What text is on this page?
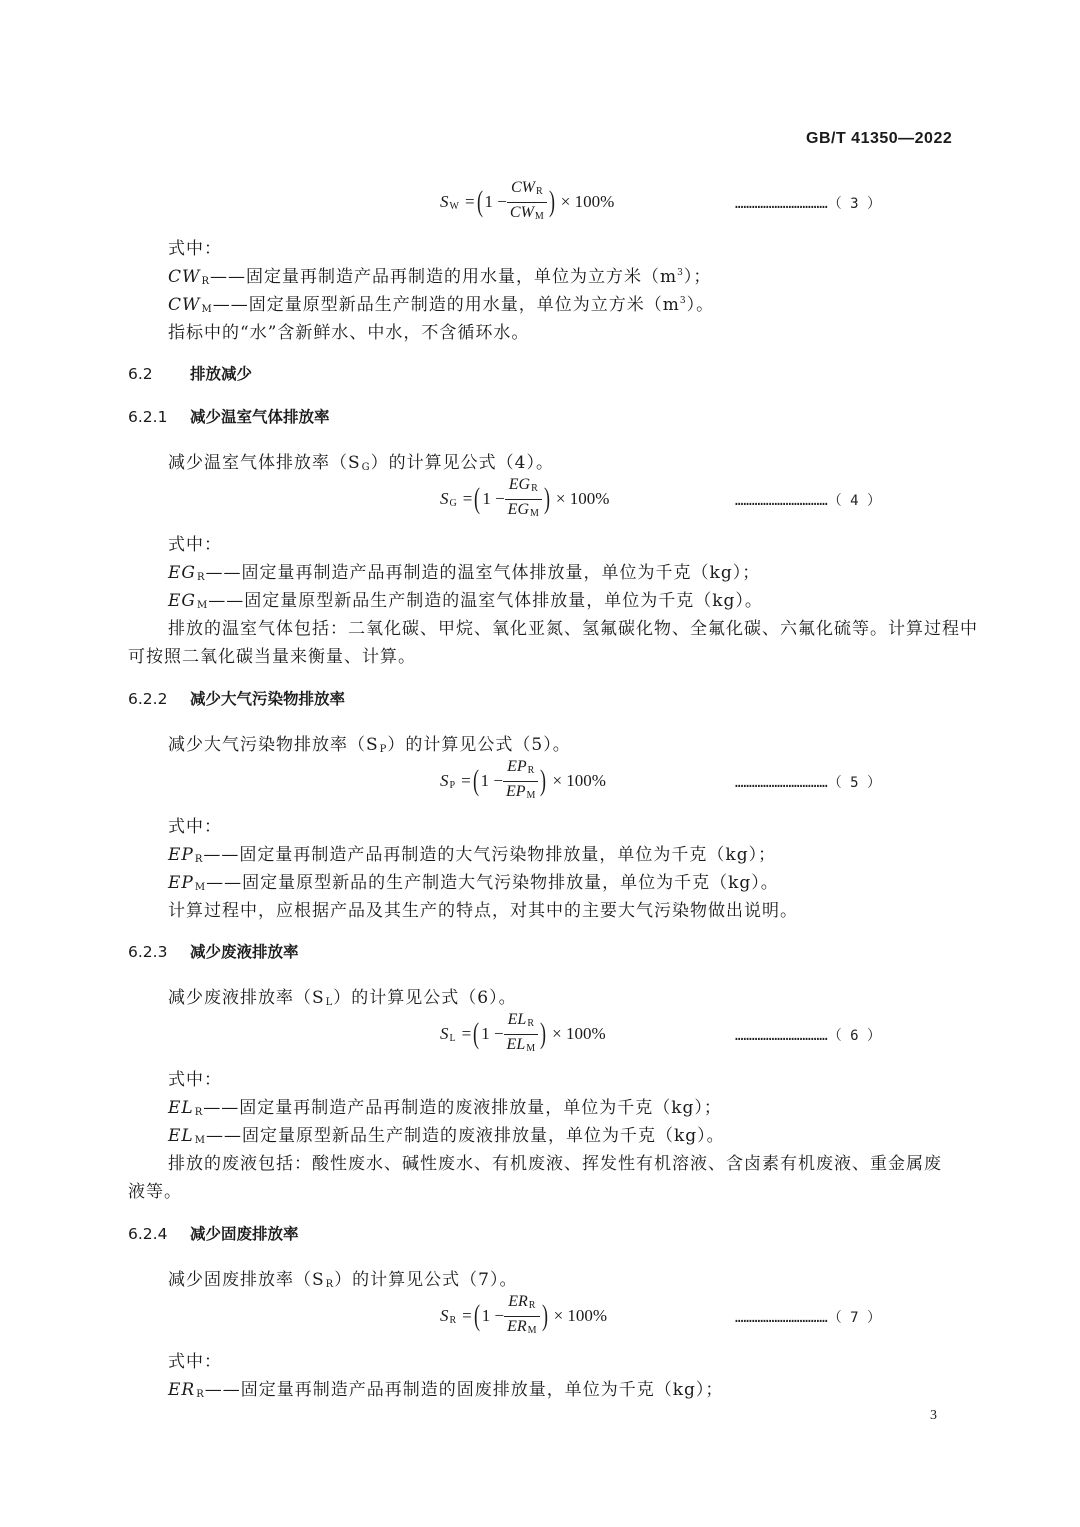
GB/T 41350—2022
$S_W$ = ( $1 - \frac{CW_R}{CW_M}$ ) × 100%	……………………………（ 3 ）
式中：
$CW_R——$固定量再制造产品再制造的用水量，单位为立方米$(m^3)$；
$CW_M——$固定量原型新品生产制造的用水量，单位为立方米$(m^3)$。
指标中的“水”含新鲜水、中水，不含循环水。
6.2 排放减少
6.2.1 减少温室气体排放率
减少温室气体排放率$(S_G)$的计算见公式（4）。
$S_G$ = ( $1 - \frac{EG_R}{EG_M}$ ) × 100%	……………………………（ 4 ）
式中：
$EG_R——$固定量再制造产品再制造的温室气体排放量，单位为千克（kg）；
$EG_M——$固定量原型新品生产制造的温室气体排放量，单位为千克（kg）。
排放的温室气体包括：二氧化碳、甲烷、氧化亚氮、氢氟碳化物、全氟化碳、六氟化硫等。计算过程中
可按照二氧化碳当量来衡量、计算。
6.2.2 减少大气污染物排放率
减少大气污染物排放率$(S_P)$的计算见公式（5）。
$S_P$ = ( $1 - \frac{EP_R}{EP_M}$ ) × 100%	……………………………（ 5 ）
式中：
$EP_R——$固定量再制造产品再制造的大气污染物排放量，单位为千克（kg）；
$EP_M——$固定量原型新品的生产制造大气污染物排放量，单位为千克（kg）。
计算过程中，应根据产品及其生产的特点，对其中的主要大气污染物做出说明。
6.2.3 减少废液排放率
减少废液排放率$(S_L)$的计算见公式（6）。
$S_L$ = ( $1 - \frac{EL_R}{EL_M}$ ) × 100%	……………………………（ 6 ）
式中：
$EL_R——$固定量再制造产品再制造的废液排放量，单位为千克（kg）；
$EL_M——$固定量原型新品生产制造的废液排放量，单位为千克（kg）。
排放的废液包括：酸性废水、碱性废水、有机废液、挥发性有机溶液、含卤素有机废液、重金属废
液等。
6.2.4 减少固废排放率
减少固废排放率$(S_R)$的计算见公式（7）。
$S_R$ = ( $1 - \frac{ER_R}{ER_M}$ ) × 100%	……………………………（ 7 ）
式中：
$ER_R——$固定量再制造产品再制造的固废排放量，单位为千克（kg）；
3
